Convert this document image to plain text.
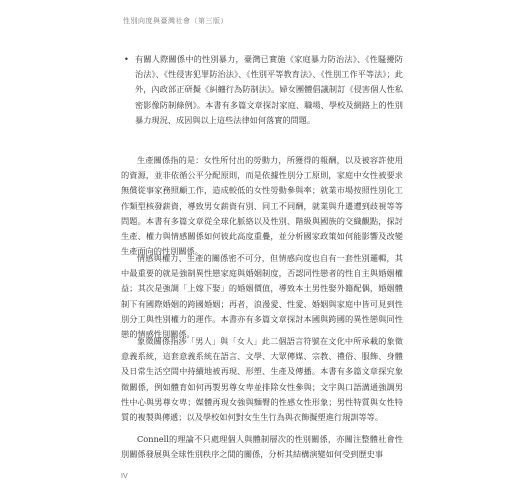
性別向度與臺灣社會（第三版）
• 有關人際關係中的性別暴力，臺灣已實施《家庭暴力防治法》、《性騷擾防治法》、《性侵害犯罪防治法》、《性別平等教育法》、《性別工作平等法》；此外，內政部正研擬《糾纏行為防制法》。婦女團體倡議制訂《侵害個人性私密影像防制條例》。本書有多篇文章探討家庭、職場、學校及網路上的性別暴力現況、成因與以上這些法律如何落實的問題。

生產關係指的是：女性所付出的勞動力，所獲得的報酬，以及被容許使用的資源，並非依循公平分配原則，而是依據性別分工原則，家庭中女性被要求無償從事家務照顧工作，造成較低的女性勞動參與率；就業市場按照性別化工作類型核發薪資，導致男女薪資有別、同工不同酬，就業與升遷遭到歧視等等問題。本書有多篇文章從全球化脈絡以及性別、階級與國族的交織觀點，探討生產、權力與情感關係如何彼此高度重疊，並分析國家政策如何能影響及改變生產面向的性別關係。

情感與權力、生產的關係密不可分，但情感向度也自有一套性別邏輯，其中最重要的就是強制異性戀家庭與婚姻制度，否認同性戀者的性自主與婚姻權益；其次是強調「上嫁下娶」的婚姻價值，導致本土男性娶外籍配偶，婚姻體制下有國際婚姻的跨國婚姻；再者，浪漫愛、性愛、婚姻與家庭中皆可見到性別分工與性別權力的運作。本書亦有多篇文章探討本國與跨國的異性戀與同性戀的情感性別關係。

象徵關係指涉「男人」與「女人」此二個語言符號在文化中所承載的象徵意義系統，這套意義系統在語言、文學、大眾傳媒、宗教、禮俗、服飾、身體及日常生活空間中持續地被再現、形塑、生產及傳播。本書有多篇文章探究象徵關係，例如體育如何再製男尊女卑並排除女性參與；文字與口語溝通強調男性中心與男尊女卑；媒體再現女強與麵臀的性感女性形象；男性特質與女性特質的複製與傳遞；以及學校如何對女生生行為與衣飾擬塑進行規訓等等。

Connell的理論不只處理個人與體制層次的性別關係，亦關注整體社會性別關係發展與全球性別秩序之間的關係，分析其結構演變如何受到歷史事

IV
